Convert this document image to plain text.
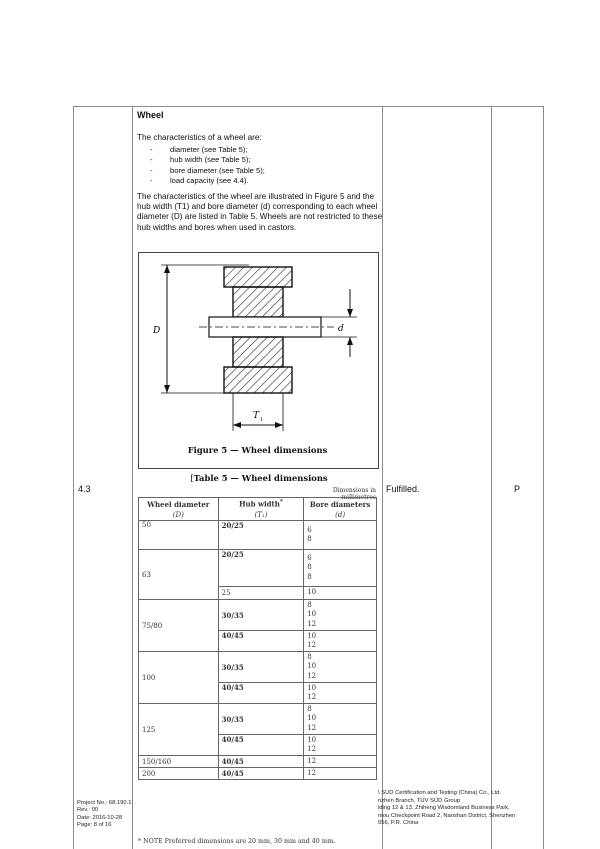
4.3	Fulfilled.	P
Wheel
The characteristics of a wheel are:
- diameter (see Table 5);
- hub width (see Table 5);
- bore diameter (see Table 5);
- load capacity (see 4.4).
The characteristics of the wheel are illustrated in Figure 5 and the hub width (T1) and bore diameter (d) corresponding to each wheel diameter (D) are listed in Table 5. Wheels are not restricted to these hub widths and bores when used in castors.
D	d
T 1
Figure 5 — Wheel dimensions
[Table 5 — Wheel dimensions
Dimensions in millimetres
Wheel diameter	Hub width*	Bore diameters
(D)	(T₁)	(d)
50	20/25	6
8
63	20/25	6
8
8
	25	10
75/80	30/35	8
10
12
	40/45	10
12
100	30/35	8
10
12
	40/45	10
12
125	30/35	8
10
12
	40/45	10
12
150/160	40/45	12
200	40/45	12
* NOTE Preferred dimensions are 20 mm, 30 mm and 40 mm.
Project No.: 68.190.1
Rev.: 00
Date: 2016-10-28
Page: 8 of 16
\ SUD Certification and Testing (China) Co., Ltd.
nzhen Branch, TÜV SÜD Group
lding 12 & 13, Zhiheng Wisdomland Business Park,
ntou Checkpoint Road 2, Nanshan District, Shenzhen
056, P.R. China
